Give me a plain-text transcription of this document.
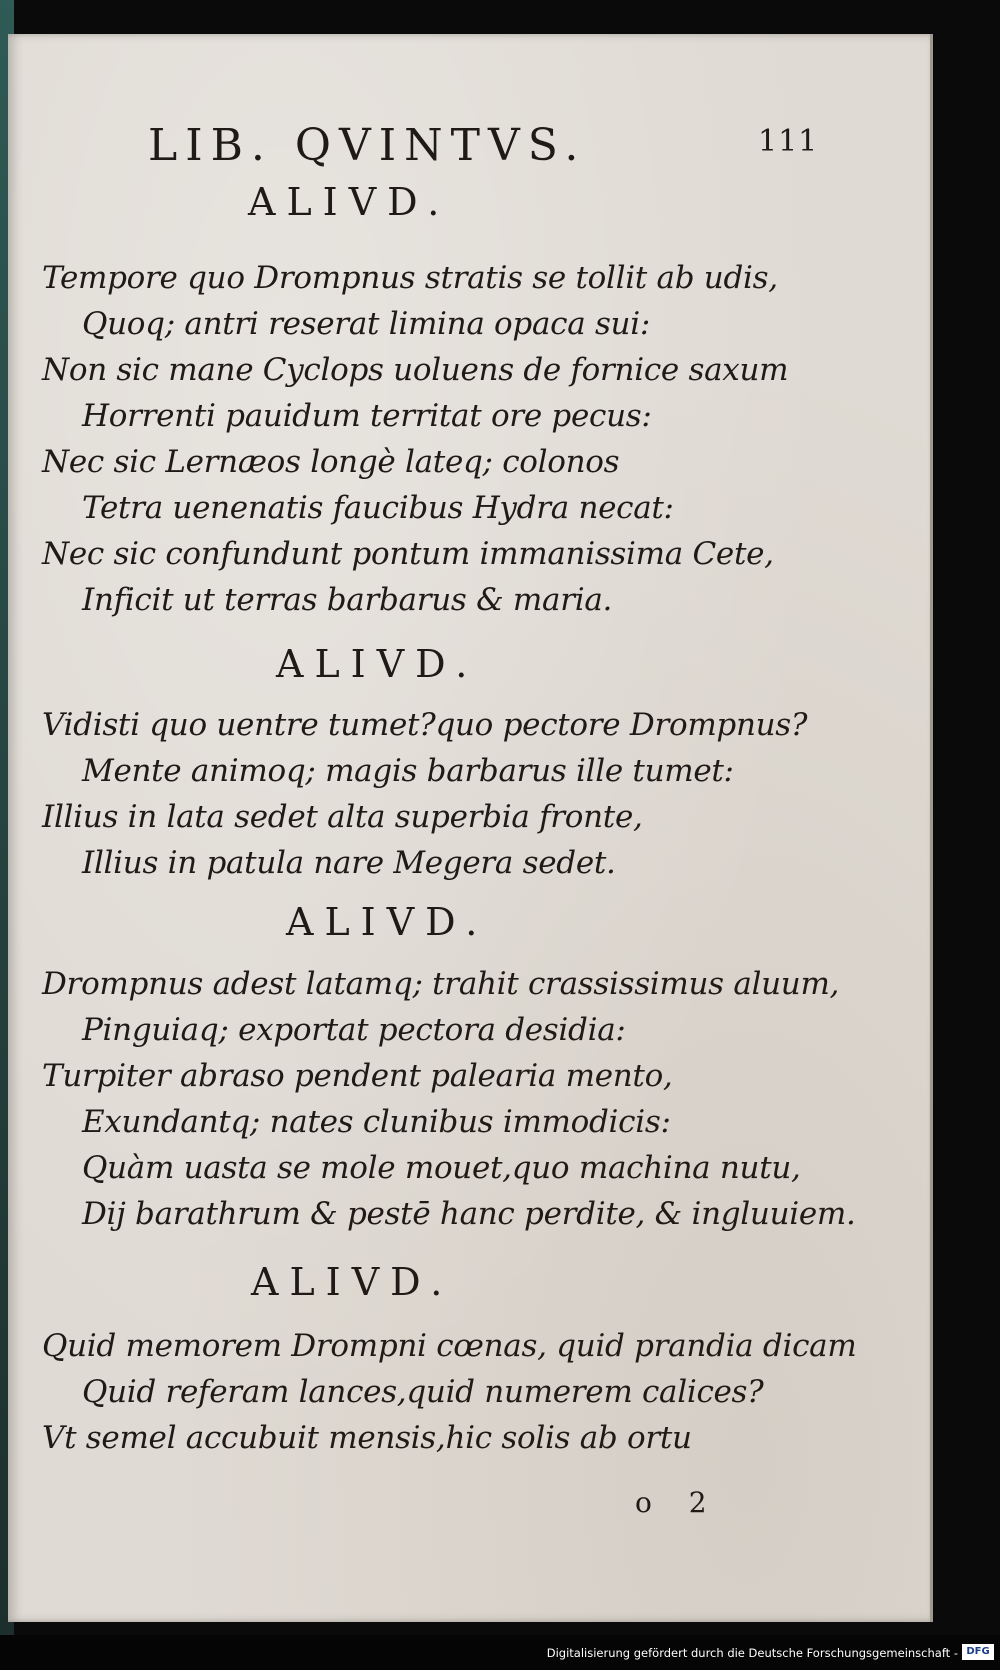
LIB. QVINTVS.	111
ALIVD.
Tempore quo Drompnus stratis se tollit ab udis,
Quoq; antri reserat limina opaca sui:
Non sic mane Cyclops uoluens de fornice saxum
Horrenti pauidum territat ore pecus:
Nec sic Lernæos longè lateq; colonos
Tetra uenenatis faucibus Hydra necat:
Nec sic confundunt pontum immanissima Cete,
Inficit ut terras barbarus & maria.
ALIVD.
Vidisti quo uentre tumet?quo pectore Drompnus?
Mente animoq; magis barbarus ille tumet:
Illius in lata sedet alta superbia fronte,
Illius in patula nare Megera sedet.
ALIVD.
Drompnus adest latamq; trahit crassissimus aluum,
Pinguiaq; exportat pectora desidia:
Turpiter abraso pendent palearia mento,
Exundantq; nates clunibus immodicis:
Quàm uasta se mole mouet,quo machina nutu,
Dij barathrum & pestē hanc perdite, & ingluuiem.
ALIVD.
Quid memorem Drompni cœnas, quid prandia dicam
Quid referam lances,quid numerem calices?
Vt semel accubuit mensis,hic solis ab ortu
o 2
Digitalisierung gefördert durch die Deutsche Forschungsgemeinschaft - DFG
